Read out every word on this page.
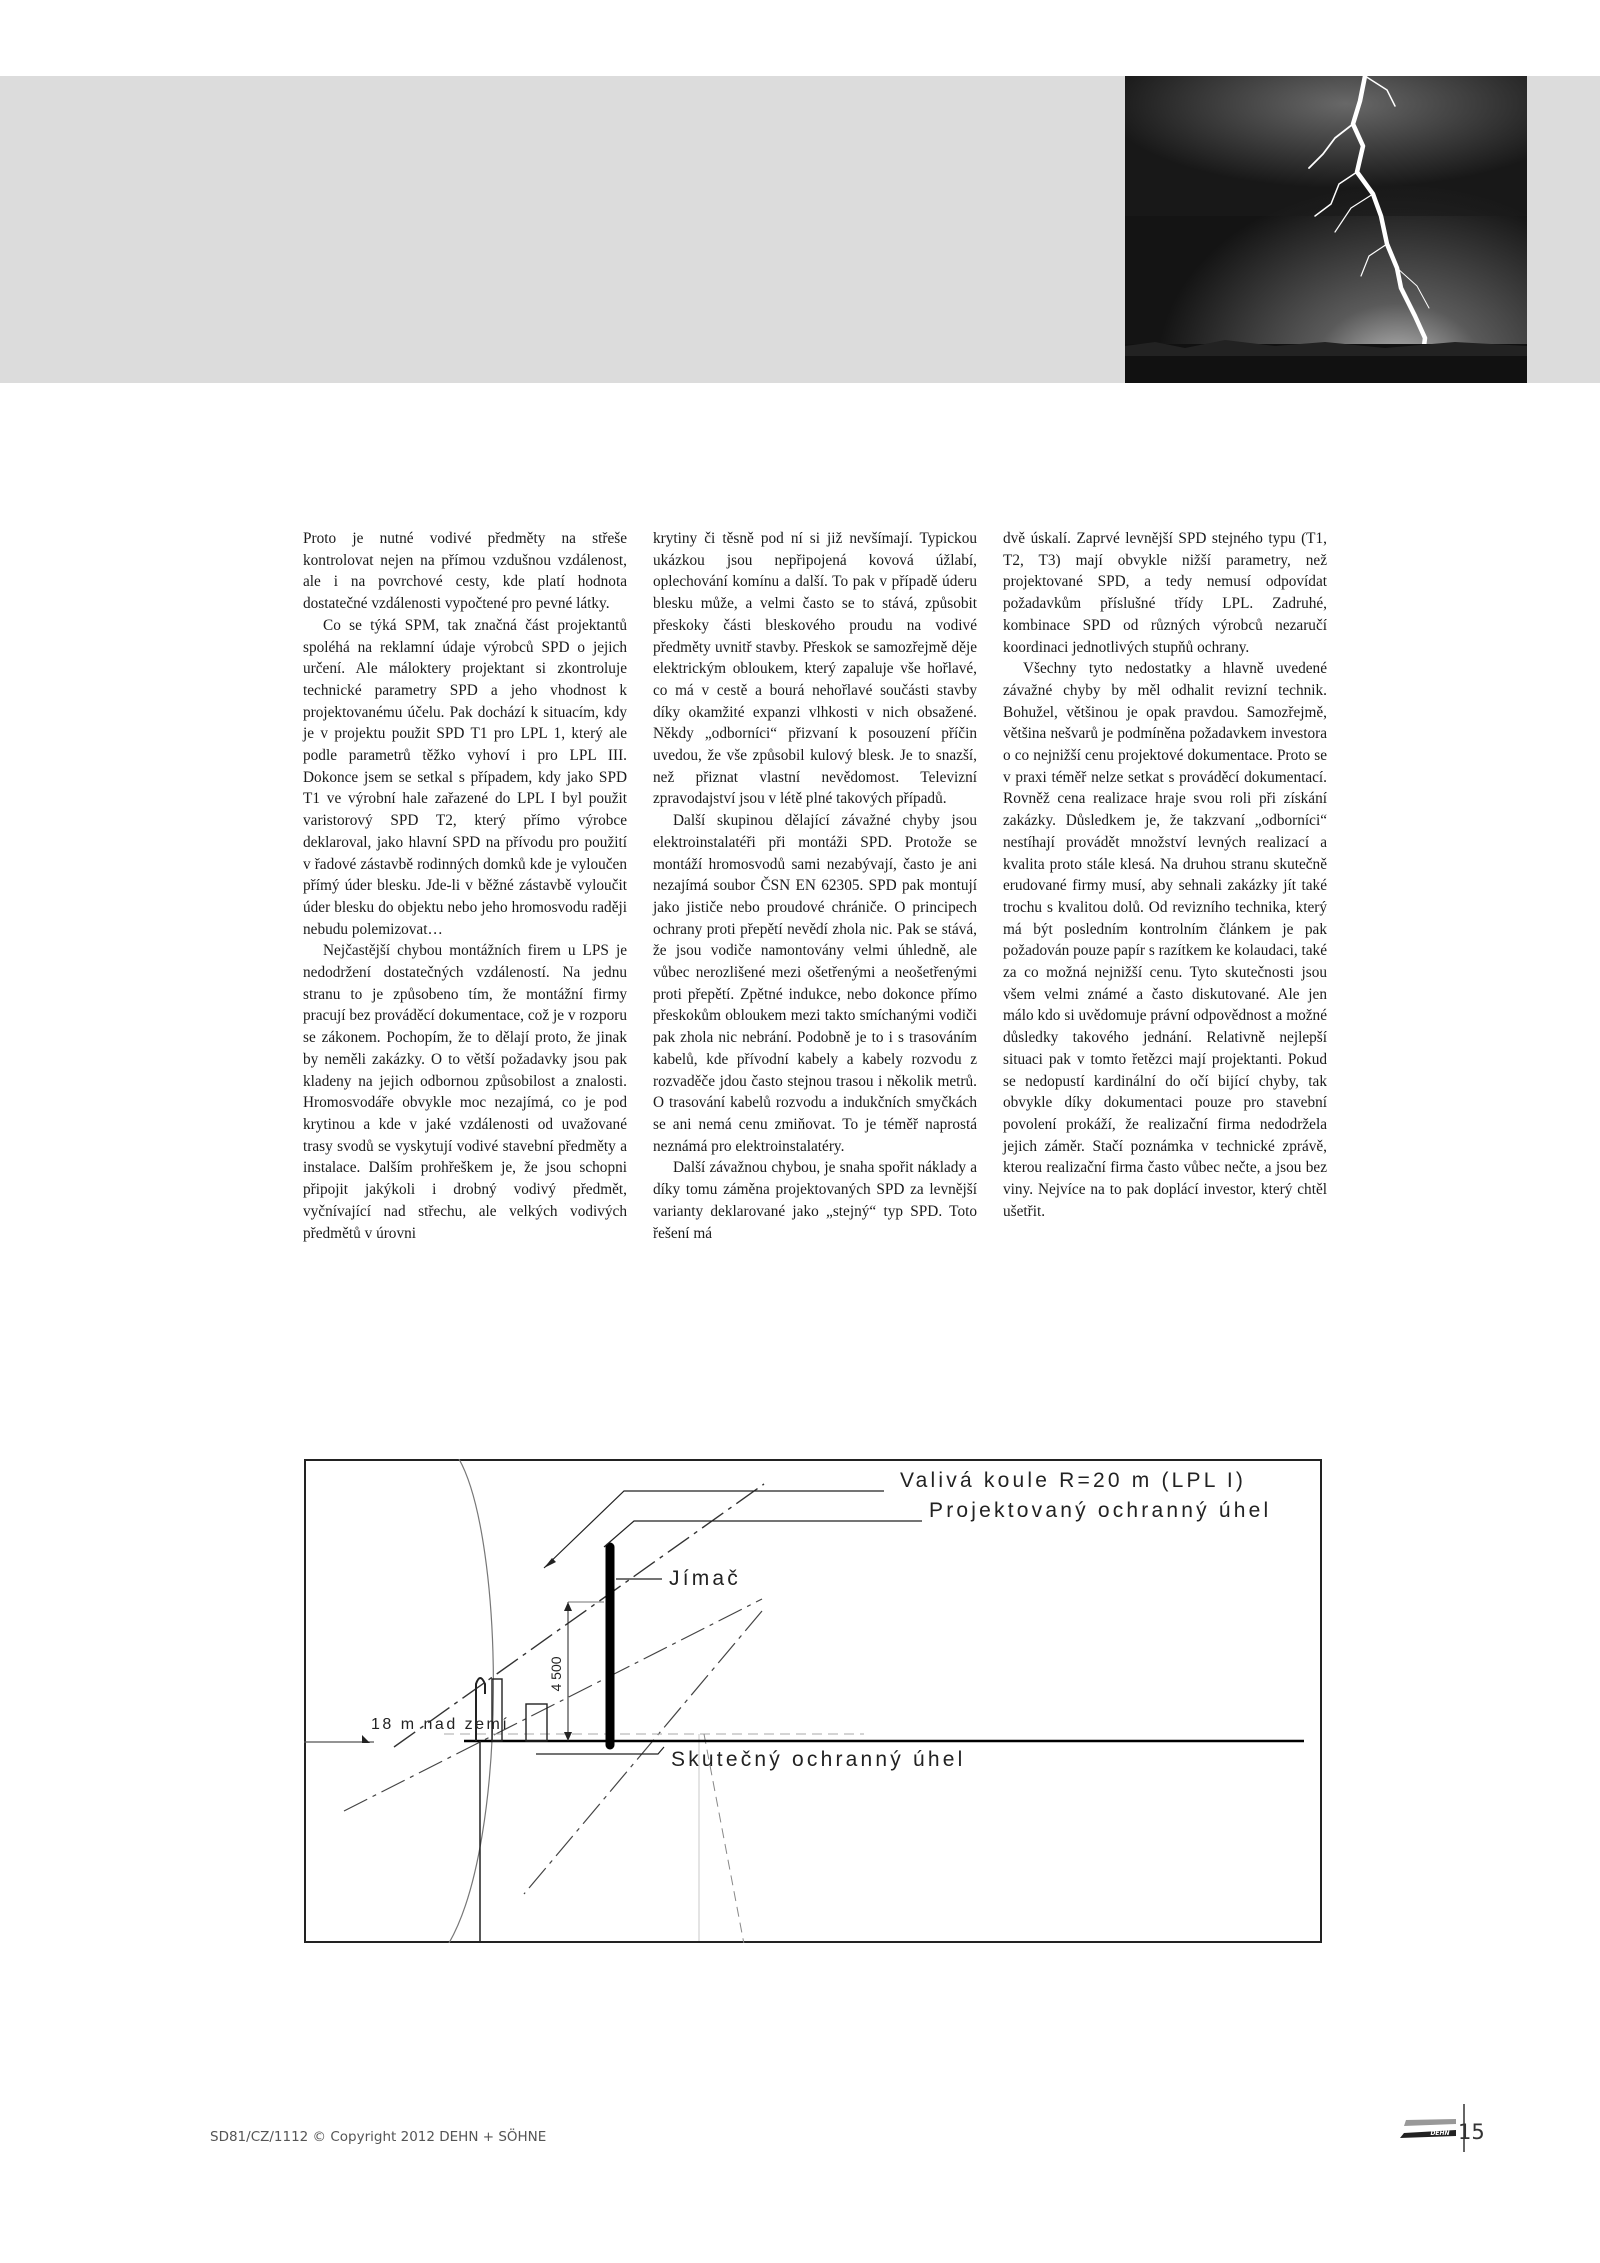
Proto je nutné vodivé předměty na střeše kontrolovat nejen na přímou vzdušnou vzdálenost, ale i na povrchové cesty, kde platí hodnota dostatečné vzdálenosti vypočtené pro pevné látky.

Co se týká SPM, tak značná část projektantů spoléhá na reklamní údaje výrobců SPD o jejich určení. Ale máloktery projektant si zkontroluje technické parametry SPD a jeho vhodnost k projektovanému účelu. Pak dochází k situacím, kdy je v projektu použit SPD T1 pro LPL 1, který ale podle parametrů těžko vyhoví i pro LPL III. Dokonce jsem se setkal s případem, kdy jako SPD T1 ve výrobní hale zařazené do LPL I byl použit varistorový SPD T2, který přímo výrobce deklaroval, jako hlavní SPD na přívodu pro použití v řadové zástavbě rodinných domků kde je vyloučen přímý úder blesku. Jde-li v běžné zástavbě vyloučit úder blesku do objektu nebo jeho hromosvodu raději nebudu polemizovat…

Nejčastější chybou montážních firem u LPS je nedodržení dostatečných vzdáleností. Na jednu stranu to je způsobeno tím, že montážní firmy pracují bez prováděcí dokumentace, což je v rozporu se zákonem. Pochopím, že to dělají proto, že jinak by neměli zakázky. O to větší požadavky jsou pak kladeny na jejich odbornou způsobilost a znalosti. Hromosvodáře obvykle moc nezajímá, co je pod krytinou a kde v jaké vzdálenosti od uvažované trasy svodů se vyskytují vodivé stavební předměty a instalace. Dalším prohřeškem je, že jsou schopni připojit jakýkoli i drobný vodivý předmět, vyčnívající nad střechu, ale velkých vodivých předmětů v úrovni

krytiny či těsně pod ní si již nevšímají. Typickou ukázkou jsou nepřipojená kovová úžlabí, oplechování komínu a další. To pak v případě úderu blesku může, a velmi často se to stává, způsobit přeskoky části bleskového proudu na vodivé předměty uvnitř stavby. Přeskok se samozřejmě děje elektrickým obloukem, který zapaluje vše hořlavé, co má v cestě a bourá nehořlavé součásti stavby díky okamžité expanzi vlhkosti v nich obsažené. Někdy „odborníci“ přizvaní k posouzení příčin uvedou, že vše způsobil kulový blesk. Je to snazší, než přiznat vlastní nevědomost. Televizní zpravodajství jsou v létě plné takových případů.

Další skupinou dělající závažné chyby jsou elektroinstalatéři při montáži SPD. Protože se montáží hromosvodů sami nezabývají, často je ani nezajímá soubor ČSN EN 62305. SPD pak montují jako jističe nebo proudové chrániče. O principech ochrany proti přepětí nevědí zhola nic. Pak se stává, že jsou vodiče namontovány velmi úhledně, ale vůbec nerozlišené mezi ošetřenými a neošetřenými proti přepětí. Zpětné indukce, nebo dokonce přímo přeskokům obloukem mezi takto smíchanými vodiči pak zhola nic nebrání. Podobně je to i s trasováním kabelů, kde přívodní kabely a kabely rozvodu z rozvaděče jdou často stejnou trasou i několik metrů. O trasování kabelů rozvodu a indukčních smyčkách se ani nemá cenu zmiňovat. To je téměř naprostá neznámá pro elektroinstalatéry.

Další závažnou chybou, je snaha spořit náklady a díky tomu záměna projektovaných SPD za levnější varianty deklarované jako „stejný“ typ SPD. Toto řešení má

dvě úskalí. Zaprvé levnější SPD stejného typu (T1, T2, T3) mají obvykle nižší parametry, než projektované SPD, a tedy nemusí odpovídat požadavkům příslušné třídy LPL. Zadruhé, kombinace SPD od různých výrobců nezaručí koordinaci jednotlivých stupňů ochrany.

Všechny tyto nedostatky a hlavně uvedené závažné chyby by měl odhalit revizní technik. Bohužel, většinou je opak pravdou. Samozřejmě, většina nešvarů je podmíněna požadavkem investora o co nejnižší cenu projektové dokumentace. Proto se v praxi téměř nelze setkat s prováděcí dokumentací. Rovněž cena realizace hraje svou roli při získání zakázky. Důsledkem je, že takzvaní „odborníci“ nestíhají provádět množství levných realizací a kvalita proto stále klesá. Na druhou stranu skutečně erudované firmy musí, aby sehnali zakázky jít také trochu s kvalitou dolů. Od revizního technika, který má být posledním kontrolním článkem je pak požadován pouze papír s razítkem ke kolaudaci, také za co možná nejnižší cenu. Tyto skutečnosti jsou všem velmi známé a často diskutované. Ale jen málo kdo si uvědomuje právní odpovědnost a možné důsledky takového jednání. Relativně nejlepší situaci pak v tomto řetězci mají projektanti. Pokud se nedopustí kardinální do očí bijící chyby, tak obvykle díky dokumentaci pouze pro stavební povolení prokáží, že realizační firma nedodržela jejich záměr. Stačí poznámka v technické zprávě, kterou realizační firma často vůbec nečte, a jsou bez viny. Nejvíce na to pak doplácí investor, který chtěl ušetřit.

4 500
Valivá koule R=20 m (LPL I)
Projektovaný ochranný úhel
Jímač
Skutečný ochranný úhel
18 m nad zemí
SD81/CZ/1112 © Copyright 2012 DEHN + SÖHNE	DEHN 15
